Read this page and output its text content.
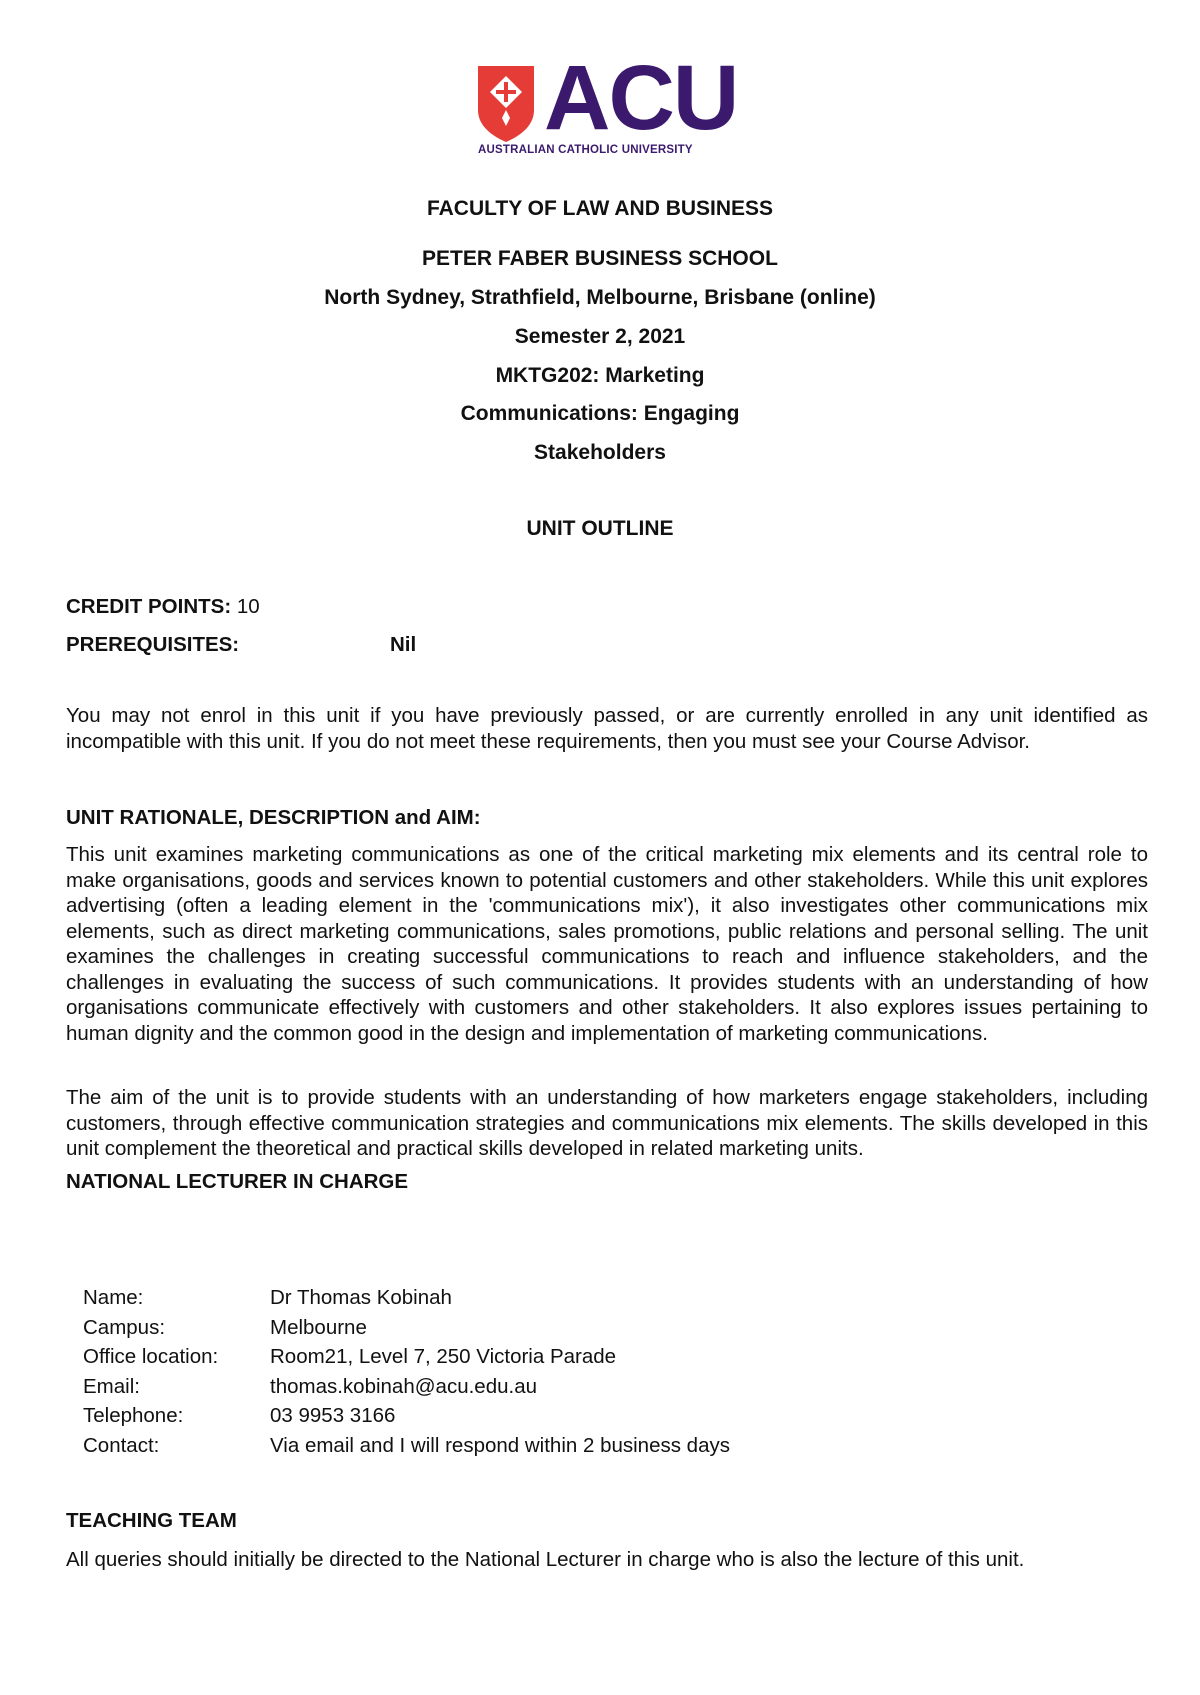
ACU
AUSTRALIAN CATHOLIC UNIVERSITY
FACULTY OF LAW AND BUSINESS
PETER FABER BUSINESS SCHOOL
North Sydney, Strathfield, Melbourne, Brisbane (online)
Semester 2, 2021
MKTG202: Marketing
Communications: Engaging
Stakeholders
UNIT OUTLINE
CREDIT POINTS: 10
PREREQUISITES:	Nil
You may not enrol in this unit if you have previously passed, or are currently enrolled in any unit identified as incompatible with this unit. If you do not meet these requirements, then you must see your Course Advisor.
UNIT RATIONALE, DESCRIPTION and AIM:
This unit examines marketing communications as one of the critical marketing mix elements and its central role to make organisations, goods and services known to potential customers and other stakeholders. While this unit explores advertising (often a leading element in the 'communications mix'), it also investigates other communications mix elements, such as direct marketing communications, sales promotions, public relations and personal selling. The unit examines the challenges in creating successful communications to reach and influence stakeholders, and the challenges in evaluating the success of such communications. It provides students with an understanding of how organisations communicate effectively with customers and other stakeholders. It also explores issues pertaining to human dignity and the common good in the design and implementation of marketing communications.
The aim of the unit is to provide students with an understanding of how marketers engage stakeholders, including customers, through effective communication strategies and communications mix elements. The skills developed in this unit complement the theoretical and practical skills developed in related marketing units.
NATIONAL LECTURER IN CHARGE
Name:	Dr Thomas Kobinah
Campus:	Melbourne
Office location:	Room21, Level 7, 250 Victoria Parade
Email:	thomas.kobinah@acu.edu.au
Telephone:	03 9953 3166
Contact:	Via email and I will respond within 2 business days
TEACHING TEAM
All queries should initially be directed to the National Lecturer in charge who is also the lecture of this unit.
